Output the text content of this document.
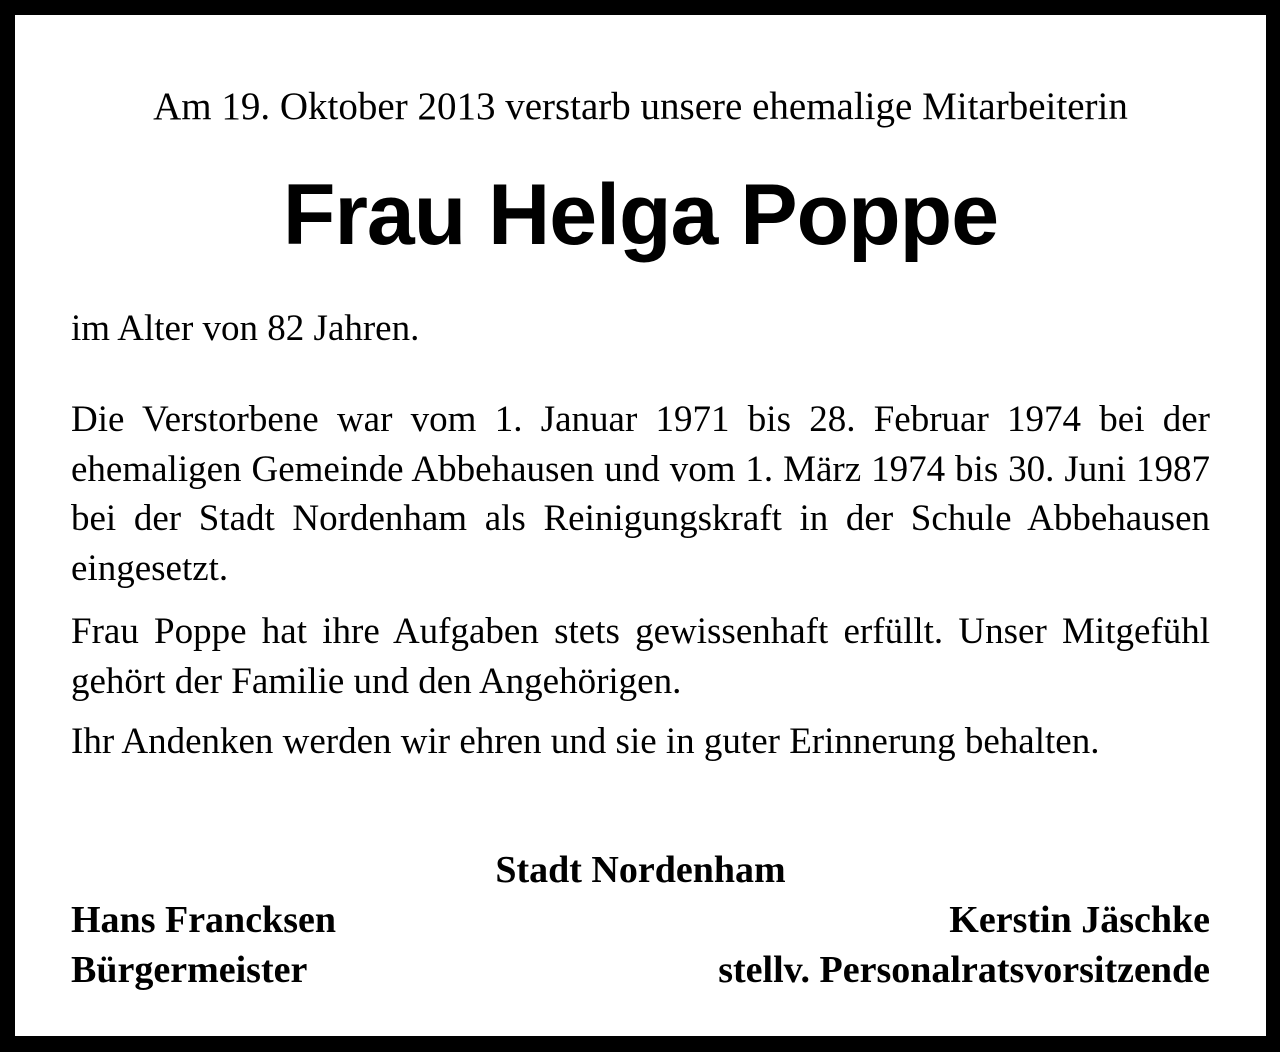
Am 19. Oktober 2013 verstarb unsere ehemalige Mitarbeiterin
Frau Helga Poppe
im Alter von 82 Jahren.
Die Verstorbene war vom 1. Januar 1971 bis 28. Februar 1974 bei der ehemaligen Gemeinde Abbehausen und vom 1. März 1974 bis 30. Juni 1987 bei der Stadt Nordenham als Reinigungskraft in der Schule Abbehausen eingesetzt.
Frau Poppe hat ihre Aufgaben stets gewissenhaft erfüllt. Unser Mitgefühl gehört der Familie und den Angehörigen.
Ihr Andenken werden wir ehren und sie in guter Erinnerung behalten.
Stadt Nordenham
Hans Francksen
Bürgermeister
Kerstin Jäschke
stellv. Personalratsvorsitzende
